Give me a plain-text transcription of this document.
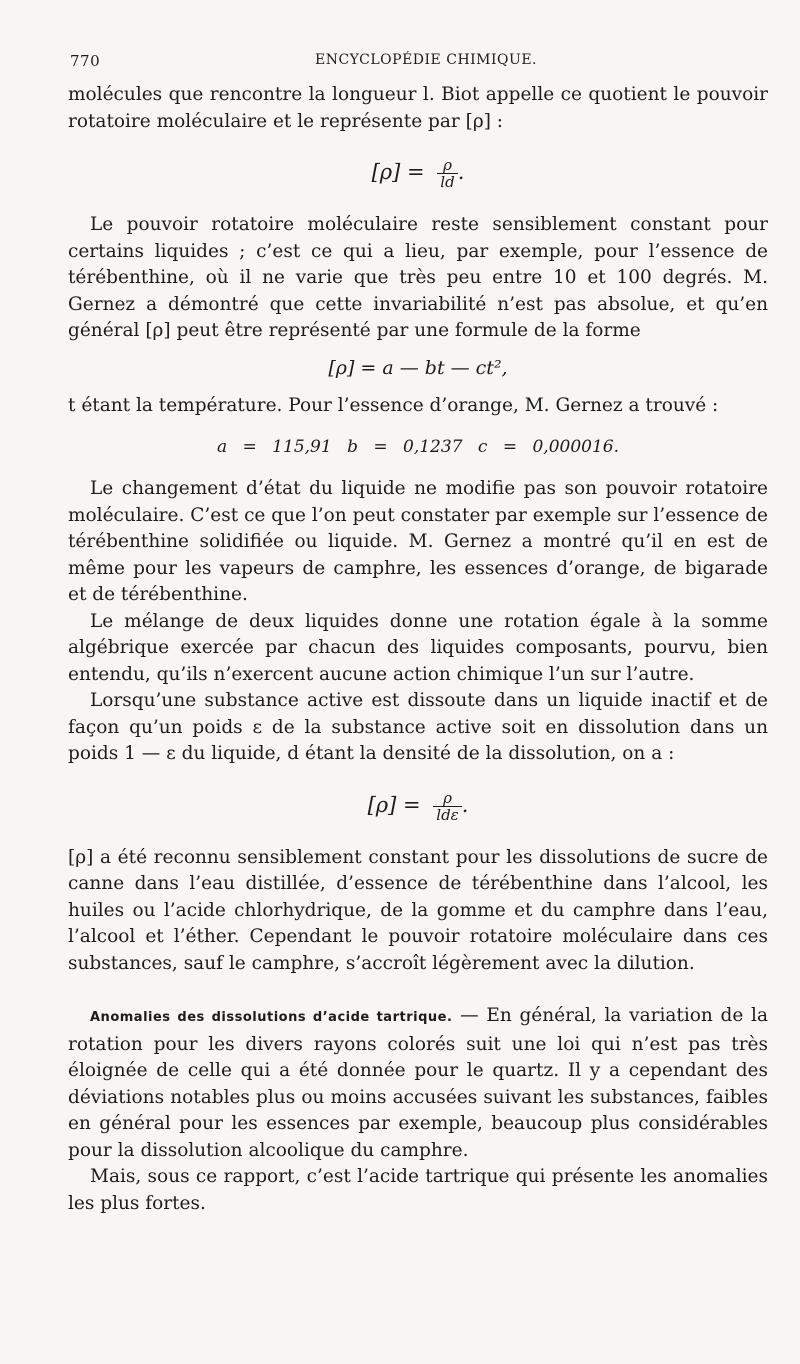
770	ENCYCLOPÉDIE CHIMIQUE.

molécules que rencontre la longueur l. Biot appelle ce quotient le pouvoir rotatoire moléculaire et le représente par [ρ] :

$[\rho] = \frac{\rho}{ld}$ .

Le pouvoir rotatoire moléculaire reste sensiblement constant pour certains liquides ; c’est ce qui a lieu, par exemple, pour l’essence de térébenthine, où il ne varie que très peu entre 10 et 100 degrés. M. Gernez a démontré que cette invariabilité n’est pas absolue, et qu’en général [ρ] peut être représenté par une formule de la forme

[ρ] = a — bt — ct²,

t étant la température. Pour l’essence d’orange, M. Gernez a trouvé :

a = 115,91 b = 0,1237 c = 0,000016.

Le changement d’état du liquide ne modifie pas son pouvoir rotatoire moléculaire. C’est ce que l’on peut constater par exemple sur l’essence de térébenthine solidifiée ou liquide. M. Gernez a montré qu’il en est de même pour les vapeurs de camphre, les essences d’orange, de bigarade et de térébenthine.

Le mélange de deux liquides donne une rotation égale à la somme algébrique exercée par chacun des liquides composants, pourvu, bien entendu, qu’ils n’exercent aucune action chimique l’un sur l’autre.

Lorsqu’une substance active est dissoute dans un liquide inactif et de façon qu’un poids ε de la substance active soit en dissolution dans un poids 1 — ε du liquide, d étant la densité de la dissolution, on a :

$[\rho] = \frac{\rho}{\text{ldε}}$ .

[ρ] a été reconnu sensiblement constant pour les dissolutions de sucre de canne dans l’eau distillée, d’essence de térébenthine dans l’alcool, les huiles ou l’acide chlorhydrique, de la gomme et du camphre dans l’eau, l’alcool et l’éther. Cependant le pouvoir rotatoire moléculaire dans ces substances, sauf le camphre, s’accroît légèrement avec la dilution.

Anomalies des dissolutions d’acide tartrique. — En général, la variation de la rotation pour les divers rayons colorés suit une loi qui n’est pas très éloignée de celle qui a été donnée pour le quartz. Il y a cependant des déviations notables plus ou moins accusées suivant les substances, faibles en général pour les essences par exemple, beaucoup plus considérables pour la dissolution alcoolique du camphre.

Mais, sous ce rapport, c’est l’acide tartrique qui présente les anomalies les plus fortes.
